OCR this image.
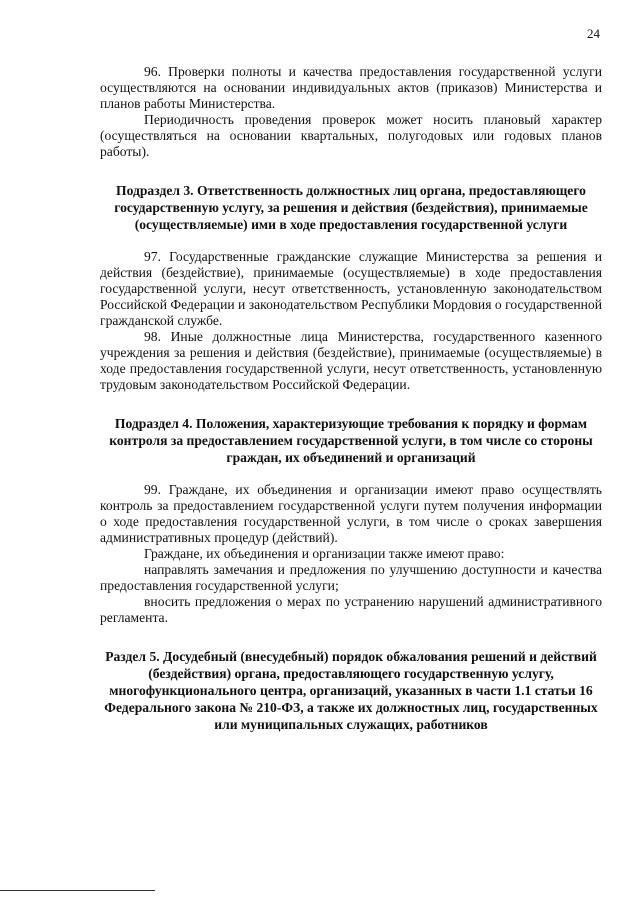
24

96. Проверки полноты и качества предоставления государственной услуги осуществляются на основании индивидуальных актов (приказов) Министерства и планов работы Министерства.

Периодичность проведения проверок может носить плановый характер (осуществляться на основании квартальных, полугодовых или годовых планов работы).

Подраздел 3. Ответственность должностных лиц органа, предоставляющего государственную услугу, за решения и действия (бездействия), принимаемые (осуществляемые) ими в ходе предоставления государственной услуги

97. Государственные гражданские служащие Министерства за решения и действия (бездействие), принимаемые (осуществляемые) в ходе предоставления государственной услуги, несут ответственность, установленную законодательством Российской Федерации и законодательством Республики Мордовия о государственной гражданской службе.

98. Иные должностные лица Министерства, государственного казенного учреждения за решения и действия (бездействие), принимаемые (осуществляемые) в ходе предоставления государственной услуги, несут ответственность, установленную трудовым законодательством Российской Федерации.

Подраздел 4. Положения, характеризующие требования к порядку и формам контроля за предоставлением государственной услуги, в том числе со стороны граждан, их объединений и организаций

99. Граждане, их объединения и организации имеют право осуществлять контроль за предоставлением государственной услуги путем получения информации о ходе предоставления государственной услуги, в том числе о сроках завершения административных процедур (действий).

Граждане, их объединения и организации также имеют право:

направлять замечания и предложения по улучшению доступности и качества предоставления государственной услуги;

вносить предложения о мерах по устранению нарушений административного регламента.

Раздел 5. Досудебный (внесудебный) порядок обжалования решений и действий (бездействия) органа, предоставляющего государственную услугу, многофункционального центра, организаций, указанных в части 1.1 статьи 16 Федерального закона № 210-ФЗ, а также их должностных лиц, государственных или муниципальных служащих, работников
